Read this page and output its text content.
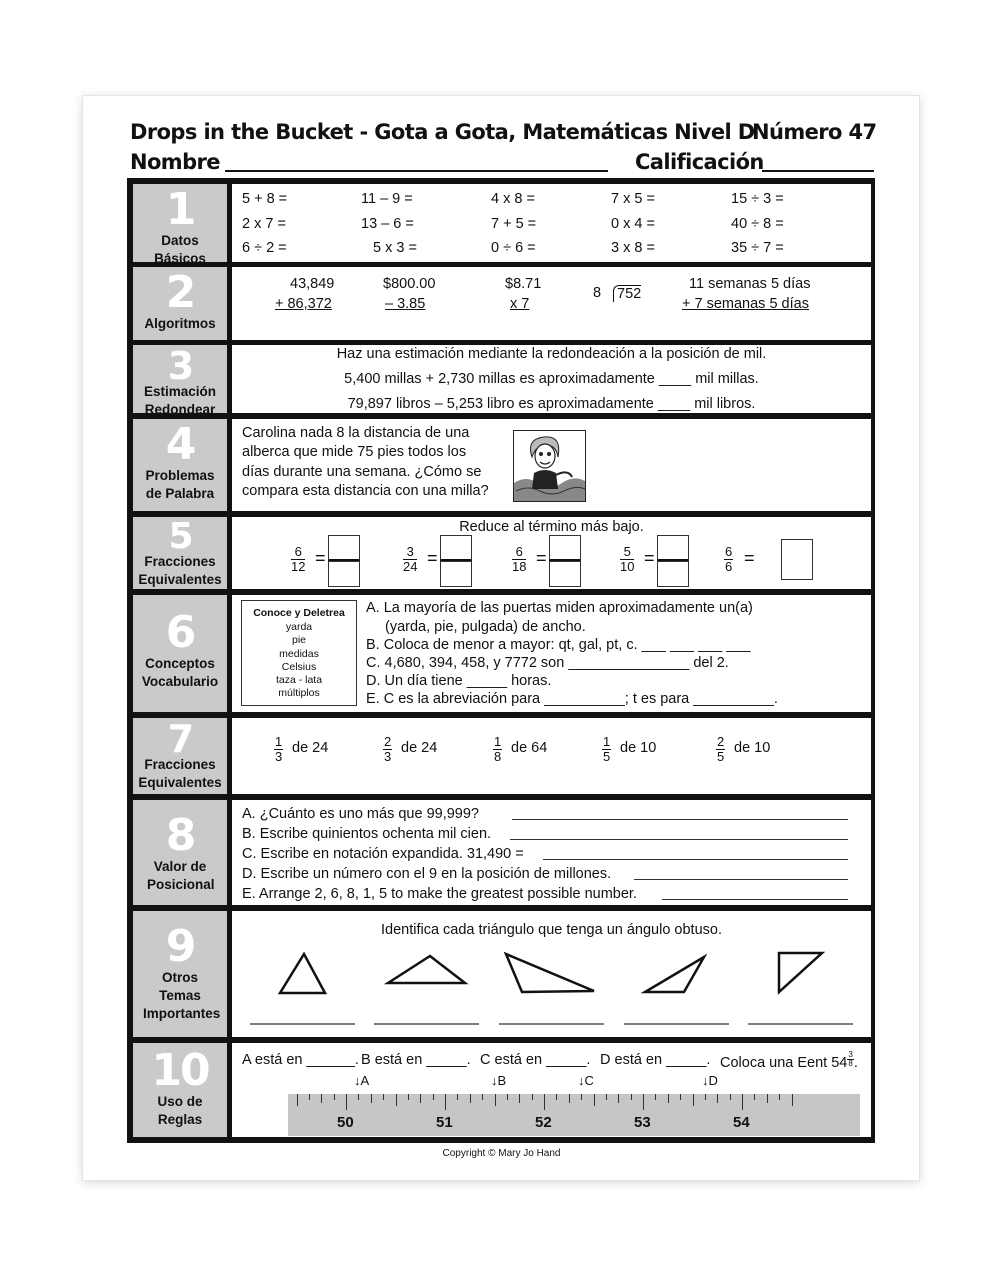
Drops in the Bucket - Gota a Gota, Matemáticas Nivel D
Número 47
Nombre	Calificación
1
Datos Básicos
2
Algoritmos
3
Estimación Redondear
4
Problemas de Palabra
5
Fracciones Equivalentes
6
Conceptos Vocabulario
7
Fracciones Equivalentes
8
Valor de Posicional
9
Otros Temas Importantes
10
Uso de Reglas
5 + 8 =	11 – 9 =	4 x 8 =	7 x 5 =	15 ÷ 3 =
2 x 7 =	13 – 6 =	7 + 5 =	0 x 4 =	40 ÷ 8 =
6 ÷ 2 =	5 x 3 =	0 ÷ 6 =	3 x 8 =	35 ÷ 7 =
43,849
+ 86,372
$800.00
– 3.85
$8.71
x 7
8 752
11 semanas 5 días
+ 7 semanas 5 días
Haz una estimación mediante la redondeación a la posición de mil.
5,400 millas + 2,730 millas es aproximadamente ____ mil millas.
79,897 libros – 5,253 libro es aproximadamente ____ mil libros.
Carolina nada 8 la distancia de una
alberca que mide 75 pies todos los
días durante una semana. ¿Cómo se
compara esta distancia con una milla?
Reduce al término más bajo.
$\frac{6}{12}$ =	$\frac{3}{24}$ =	$\frac{6}{18}$ =	$\frac{5}{10}$ =	$\frac{6}{6}$ =
Conoce y Deletrea
yarda
pie
medidas
Celsius
taza - lata
múltiplos
A. La mayoría de las puertas miden aproximadamente un(a)
(yarda, pie, pulgada) de ancho.
B. Coloca de menor a mayor: qt, gal, pt, c. ___ ___ ___ ___
C. 4,680, 394, 458, y 7772 son _______________ del 2.
D. Un día tiene _____ horas.
E. C es la abreviación para __________; t es para __________.
$\frac{1}{3}$ de 24	$\frac{2}{3}$ de 24	$\frac{1}{8}$ de 64	$\frac{1}{5}$ de 10	$\frac{2}{5}$ de 10
A. ¿Cuánto es uno más que 99,999?
B. Escribe quinientos ochenta mil cien.
C. Escribe en notación expandida. 31,490 =
D. Escribe un número con el 9 en la posición de millones.
E. Arrange 2, 6, 8, 1, 5 to make the greatest possible number.
Identifica cada triángulo que tenga un ángulo obtuso.
A está en ______. B está en _____. C está en _____. D está en _____. Coloca una Eent $54 \frac{3}{8}$.
↓A	↓B	↓C	↓D
50	51	52	53	54
Copyright © Mary Jo Hand
